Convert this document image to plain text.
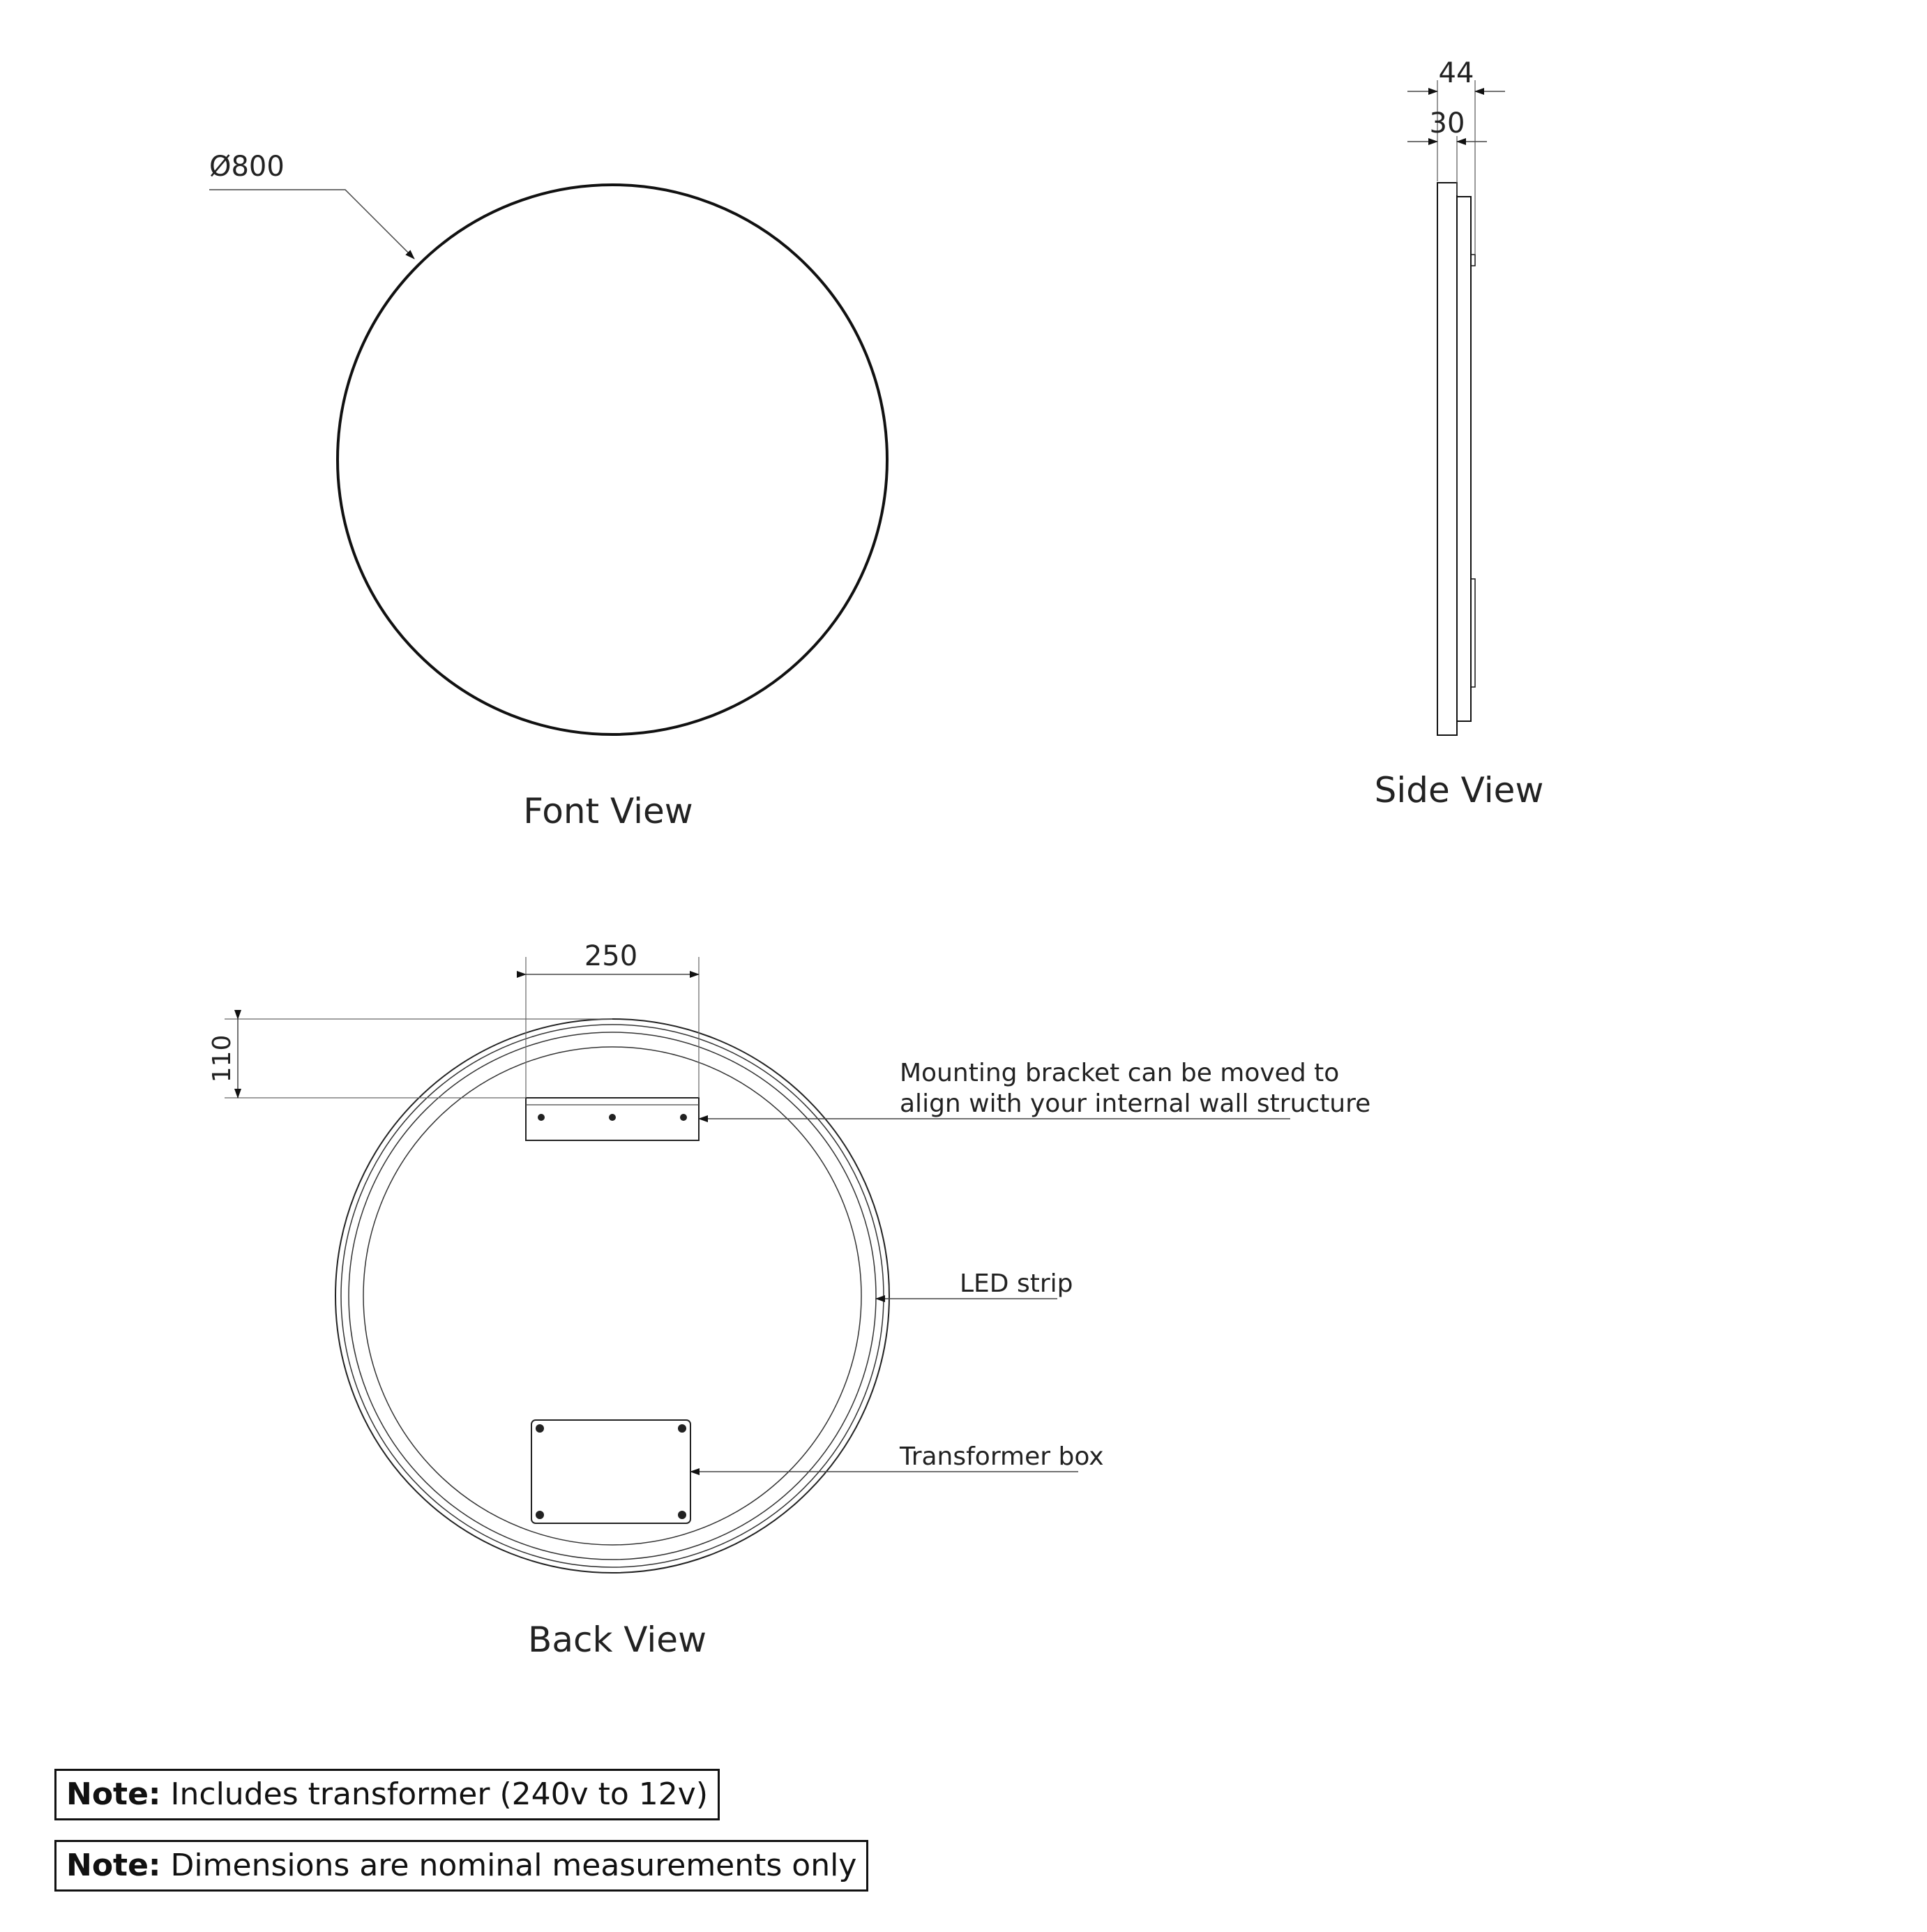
Ø800
Font View
44
30
Side View
250
110	Mounting bracket can be moved to
align with your internal wall structure
LED strip
Transformer box
Back View
Note: Includes transformer (240v to 12v)
Note: Dimensions are nominal measurements only
